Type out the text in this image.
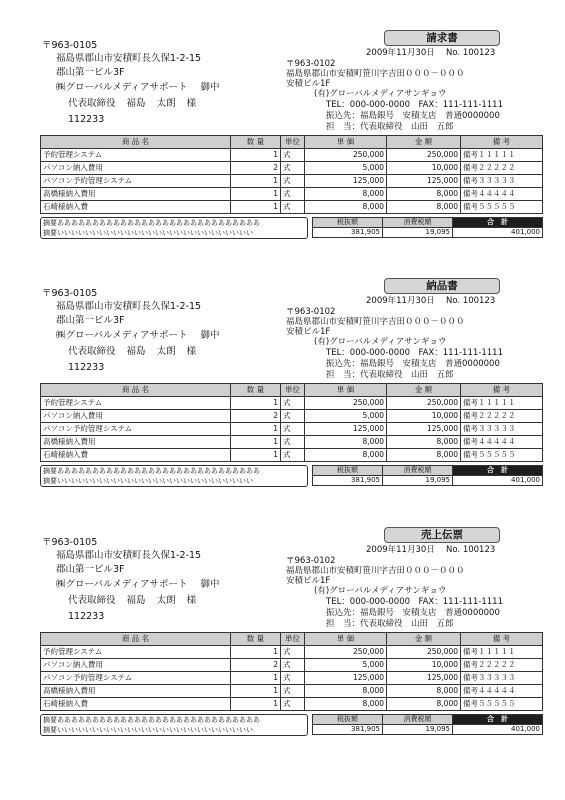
請求書
〒963-0105
福島県郡山市安積町長久保1-2-15
郡山第一ビル3F
㈱グローバルメディアサポート 御中
代表取締役 福島 太朗 様
112233
2009年11月30日 No. 100123
〒963-0102
福島県郡山市安積町笹川字吉田０００－０００
安積ビル1F
(有)グローバルメディアサンギョウ
TEL：000-000-0000　FAX：111-111-1111
振込先：福島銀号　安積支店　普通0000000
担　当：代表取締役　山田　五郎
商 品 名	数 量	単位	単 価	金 額	備 考
予約管理システム	1	式	250,000	250,000	備考１１１１１
パソコン納入費用	2	式	5,000	10,000	備考２２２２２
パソコン予約管理システム	1	式	125,000	125,000	備考３３３３３
高橋様納入費用	1	式	8,000	8,000	備考４４４４４
石崎様納入費	1	式	8,000	8,000	備考５５５５５
摘要あああああああああああああああああああああああああああああ
摘要いいいいいいいいいいいいいいいいいいいいいいいいいいいい
税抜額	消費税額	合　計
381,905	19,095	401,000
納品書
〒963-0105
福島県郡山市安積町長久保1-2-15
郡山第一ビル3F
㈱グローバルメディアサポート 御中
代表取締役 福島 太朗 様
112233
2009年11月30日 No. 100123
〒963-0102
福島県郡山市安積町笹川字吉田０００－０００
安積ビル1F
(有)グローバルメディアサンギョウ
TEL：000-000-0000　FAX：111-111-1111
振込先：福島銀号　安積支店　普通0000000
担　当：代表取締役　山田　五郎
商 品 名	数 量	単位	単 価	金 額	備 考
予約管理システム	1	式	250,000	250,000	備考１１１１１
パソコン納入費用	2	式	5,000	10,000	備考２２２２２
パソコン予約管理システム	1	式	125,000	125,000	備考３３３３３
高橋様納入費用	1	式	8,000	8,000	備考４４４４４
石崎様納入費	1	式	8,000	8,000	備考５５５５５
摘要あああああああああああああああああああああああああああああ
摘要いいいいいいいいいいいいいいいいいいいいいいいいいいいい
税抜額	消費税額	合　計
381,905	19,095	401,000
売上伝票
〒963-0105
福島県郡山市安積町長久保1-2-15
郡山第一ビル3F
㈱グローバルメディアサポート 御中
代表取締役 福島 太朗 様
112233
2009年11月30日 No. 100123
〒963-0102
福島県郡山市安積町笹川字吉田０００－０００
安積ビル1F
(有)グローバルメディアサンギョウ
TEL：000-000-0000　FAX：111-111-1111
振込先：福島銀号　安積支店　普通0000000
担　当：代表取締役　山田　五郎
商 品 名	数 量	単位	単 価	金 額	備 考
予約管理システム	1	式	250,000	250,000	備考１１１１１
パソコン納入費用	2	式	5,000	10,000	備考２２２２２
パソコン予約管理システム	1	式	125,000	125,000	備考３３３３３
高橋様納入費用	1	式	8,000	8,000	備考４４４４４
石崎様納入費	1	式	8,000	8,000	備考５５５５５
摘要あああああああああああああああああああああああああああああ
摘要いいいいいいいいいいいいいいいいいいいいいいいいいいいい
税抜額	消費税額	合　計
381,905	19,095	401,000
